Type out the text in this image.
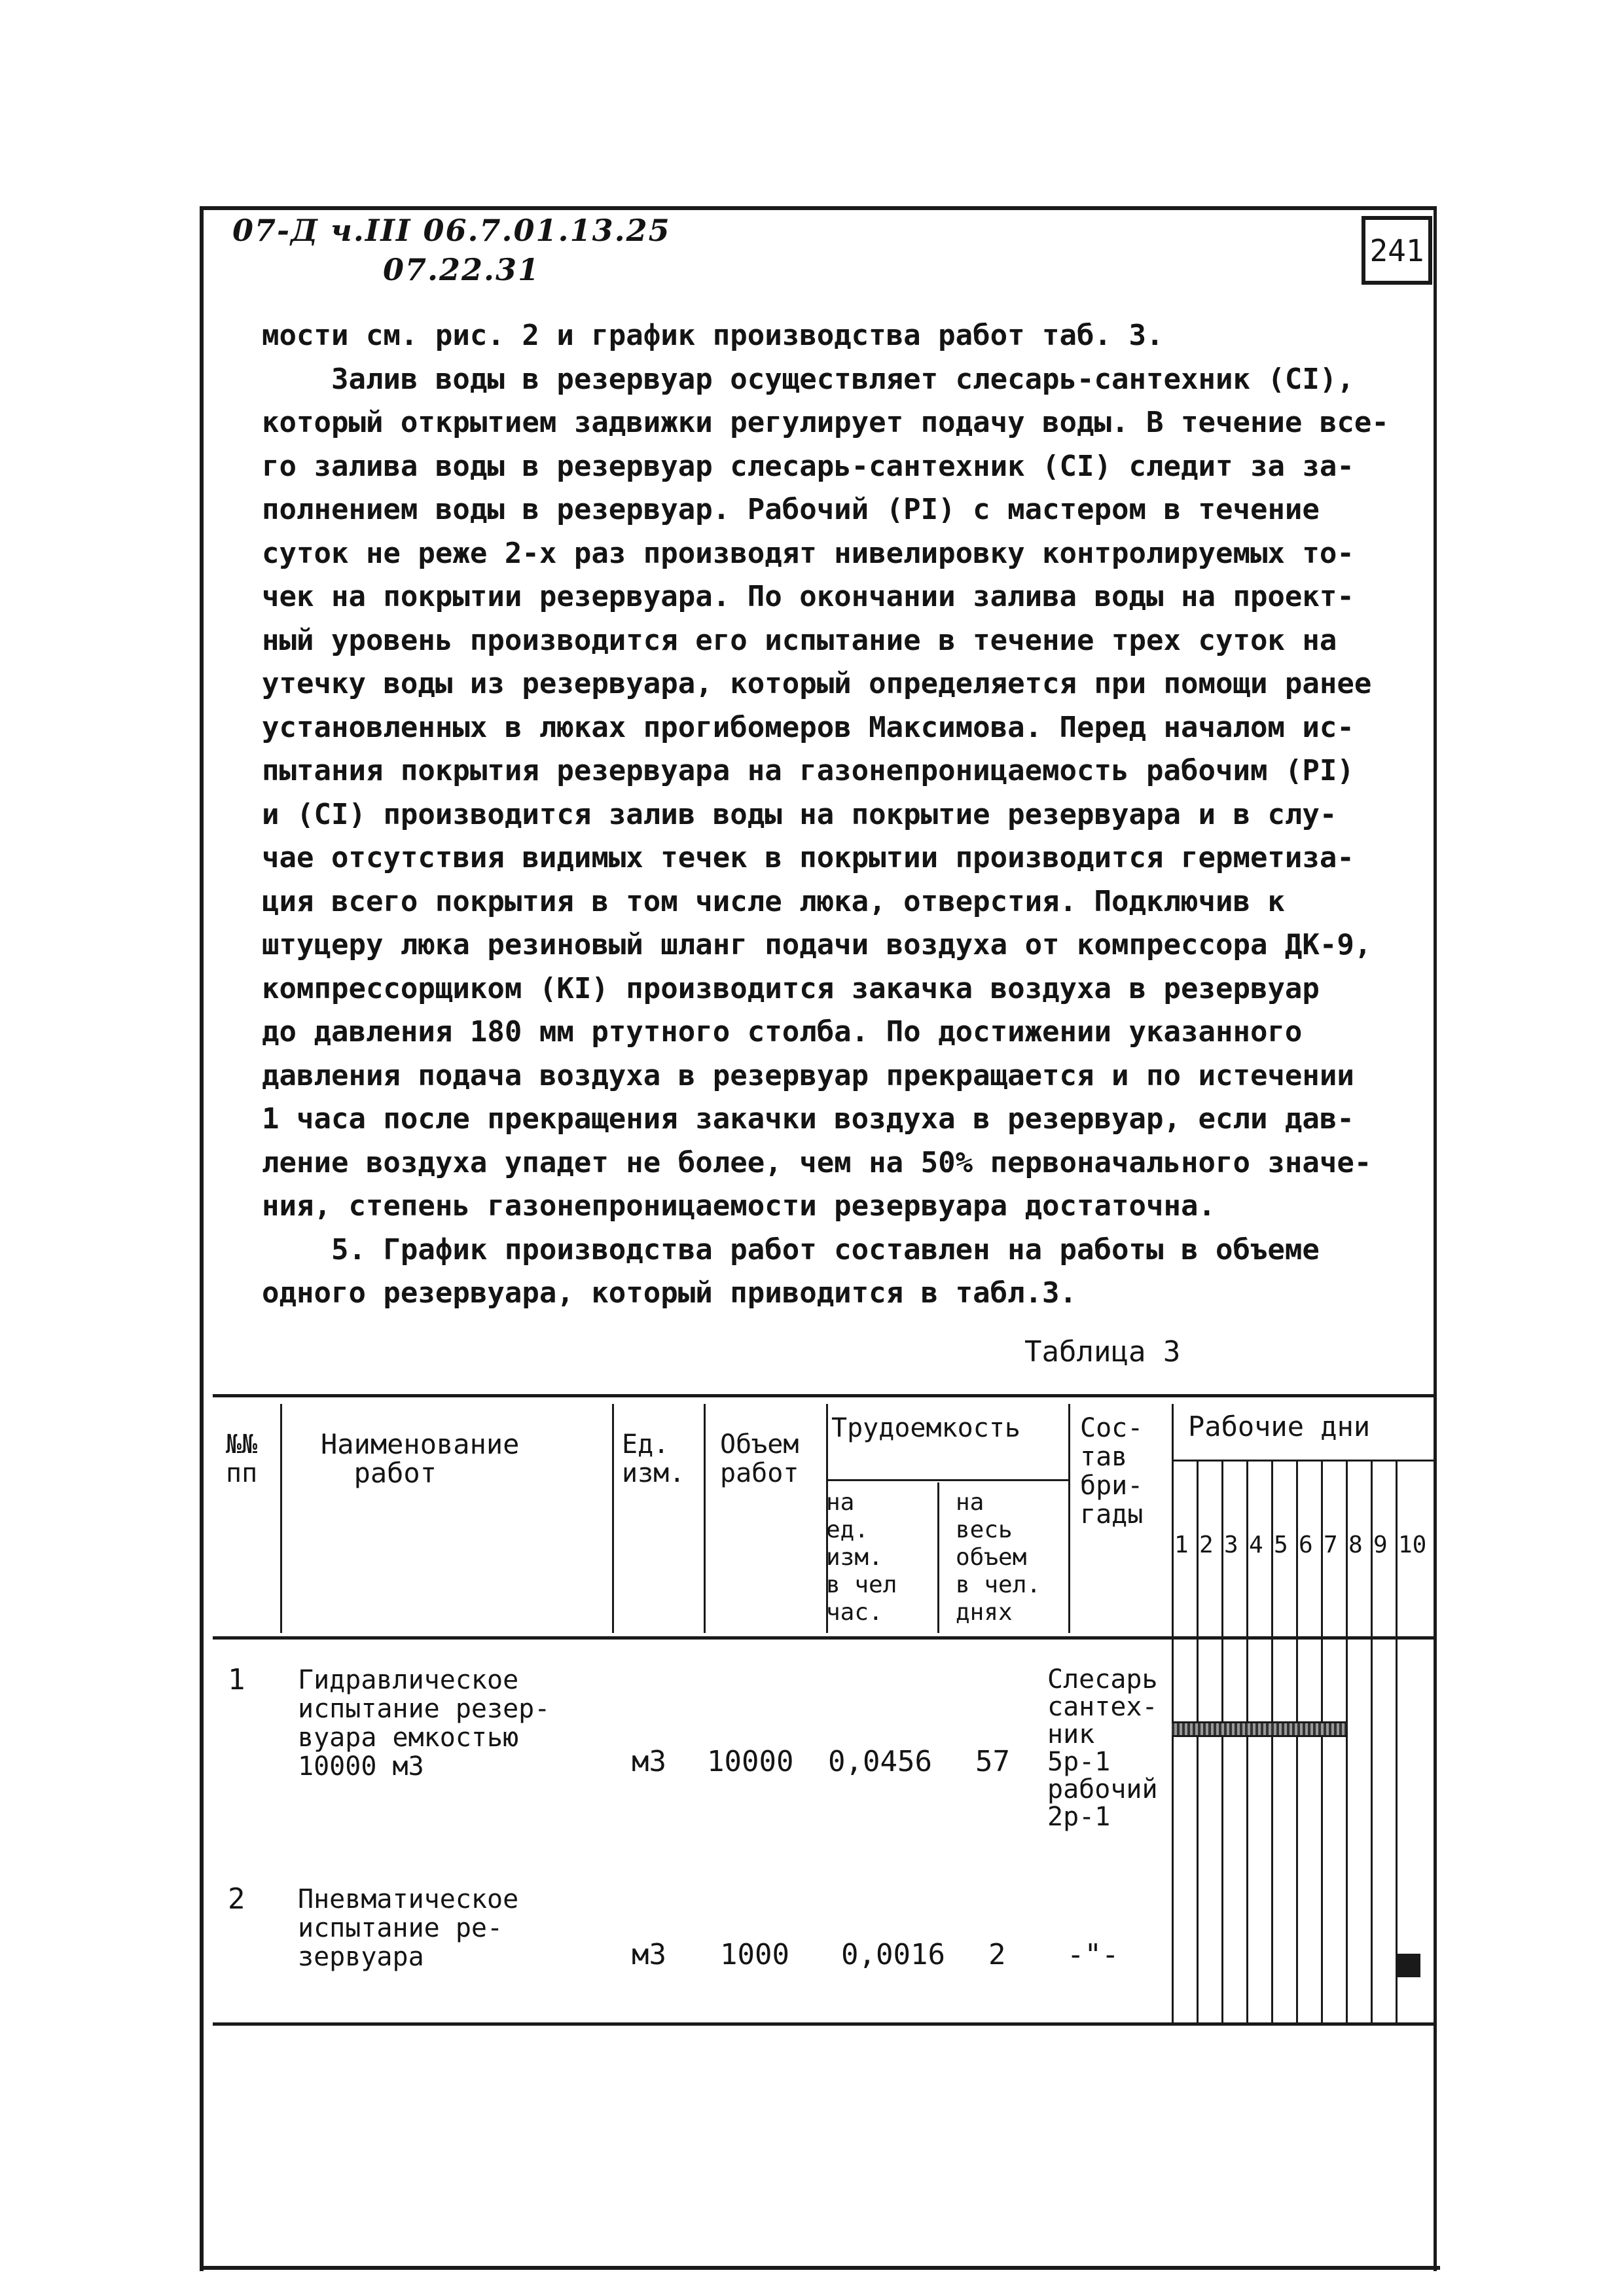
07-Д ч.III 06.7.01.13.25
07.22.31
241

мости см. рис. 2 и график производства работ таб. 3.

Залив воды в резервуар осуществляет слесарь-сантехник (СI),

который открытием задвижки регулирует подачу воды. В течение все-

го залива воды в резервуар слесарь-сантехник (СI) следит за за-

полнением воды в резервуар. Рабочий (РI) с мастером в течение

суток не реже 2-х раз производят нивелировку контролируемых то-

чек на покрытии резервуара. По окончании залива воды на проект-

ный уровень производится его испытание в течение трех суток на

утечку воды из резервуара, который определяется при помощи ранее

установленных в люках прогибомеров Максимова. Перед началом ис-

пытания покрытия резервуара на газонепроницаемость рабочим (РI)

и (СI) производится залив воды на покрытие резервуара и в слу-

чае отсутствия видимых течек в покрытии производится герметиза-

ция всего покрытия в том числе люка, отверстия. Подключив к

штуцеру люка резиновый шланг подачи воздуха от компрессора ДК-9,

компрессорщиком (КI) производится закачка воздуха в резервуар

до давления 180 мм ртутного столба. По достижении указанного

давления подача воздуха в резервуар прекращается и по истечении

1 часа после прекращения закачки воздуха в резервуар, если дав-

ление воздуха упадет не более, чем на 50% первоначального значе-

ния, степень газонепроницаемости резервуара достаточна.

5. График производства работ составлен на работы в объеме

одного резервуара, который приводится в табл.3.

Таблица 3
№№
пп
Наименование
работ
Ед.
изм.
Объем
работ
Трудоемкость
на
ед.
изм.
в чел
час.
на
весь
объем
в чел.
днях
Сос-
тав
бри-
гады
Рабочие дни
1 2 3 4 5 6 7 8 9 10
1 Гидравлическое
испытание резер-
вуара емкостью
10000 м3	м3 10000 0,0456 57
Слесарь
сантех-
ник
5р-1
рабочий
2р-1
2 Пневматическое
испытание ре-
зервуара	м3 1000 0,0016 2 -"-
